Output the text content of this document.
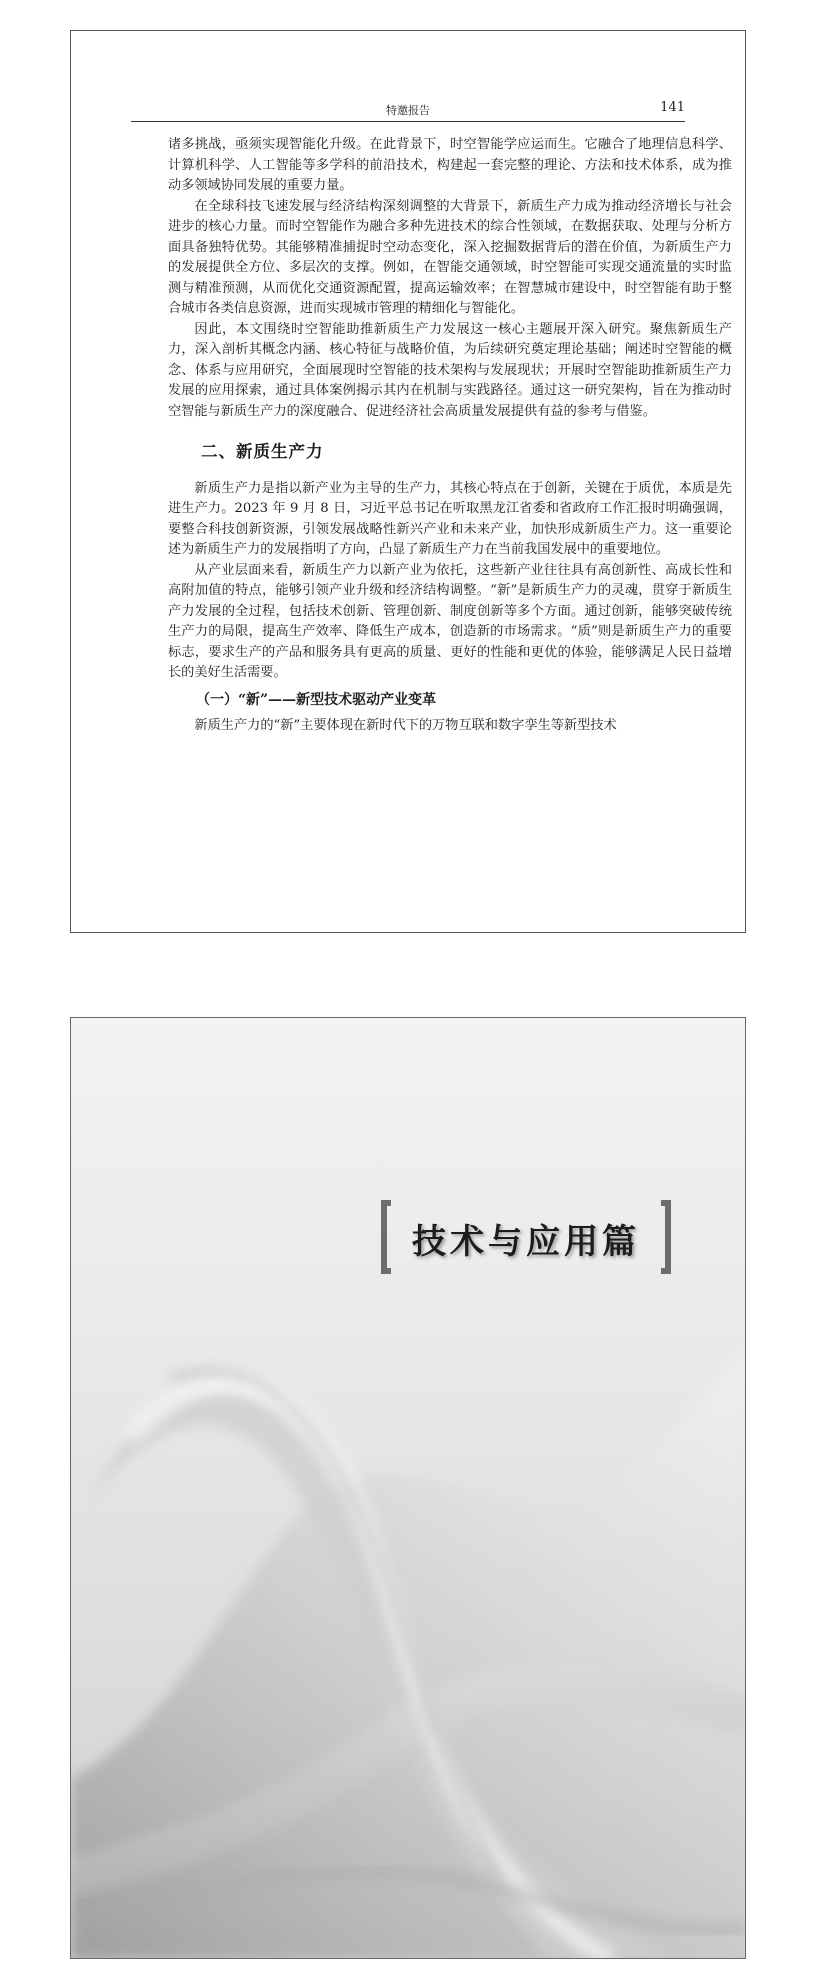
特邀报告	141

诸多挑战，亟须实现智能化升级。在此背景下，时空智能学应运而生。它融合了地理信息科学、计算机科学、人工智能等多学科的前沿技术，构建起一套完整的理论、方法和技术体系，成为推动多领域协同发展的重要力量。

在全球科技飞速发展与经济结构深刻调整的大背景下，新质生产力成为推动经济增长与社会进步的核心力量。而时空智能作为融合多种先进技术的综合性领域，在数据获取、处理与分析方面具备独特优势。其能够精准捕捉时空动态变化，深入挖掘数据背后的潜在价值，为新质生产力的发展提供全方位、多层次的支撑。例如，在智能交通领域，时空智能可实现交通流量的实时监测与精准预测，从而优化交通资源配置，提高运输效率；在智慧城市建设中，时空智能有助于整合城市各类信息资源，进而实现城市管理的精细化与智能化。

因此，本文围绕时空智能助推新质生产力发展这一核心主题展开深入研究。聚焦新质生产力，深入剖析其概念内涵、核心特征与战略价值，为后续研究奠定理论基础；阐述时空智能的概念、体系与应用研究，全面展现时空智能的技术架构与发展现状；开展时空智能助推新质生产力发展的应用探索，通过具体案例揭示其内在机制与实践路径。通过这一研究架构，旨在为推动时空智能与新质生产力的深度融合、促进经济社会高质量发展提供有益的参考与借鉴。

二、新质生产力

新质生产力是指以新产业为主导的生产力，其核心特点在于创新，关键在于质优，本质是先进生产力。2023 年 9 月 8 日，习近平总书记在听取黑龙江省委和省政府工作汇报时明确强调，要整合科技创新资源，引领发展战略性新兴产业和未来产业，加快形成新质生产力。这一重要论述为新质生产力的发展指明了方向，凸显了新质生产力在当前我国发展中的重要地位。

从产业层面来看，新质生产力以新产业为依托，这些新产业往往具有高创新性、高成长性和高附加值的特点，能够引领产业升级和经济结构调整。“新”是新质生产力的灵魂，贯穿于新质生产力发展的全过程，包括技术创新、管理创新、制度创新等多个方面。通过创新，能够突破传统生产力的局限，提高生产效率、降低生产成本，创造新的市场需求。“质”则是新质生产力的重要标志，要求生产的产品和服务具有更高的质量、更好的性能和更优的体验，能够满足人民日益增长的美好生活需要。

（一）“新”——新型技术驱动产业变革

新质生产力的“新”主要体现在新时代下的万物互联和数字孪生等新型技术

技术与应用篇
